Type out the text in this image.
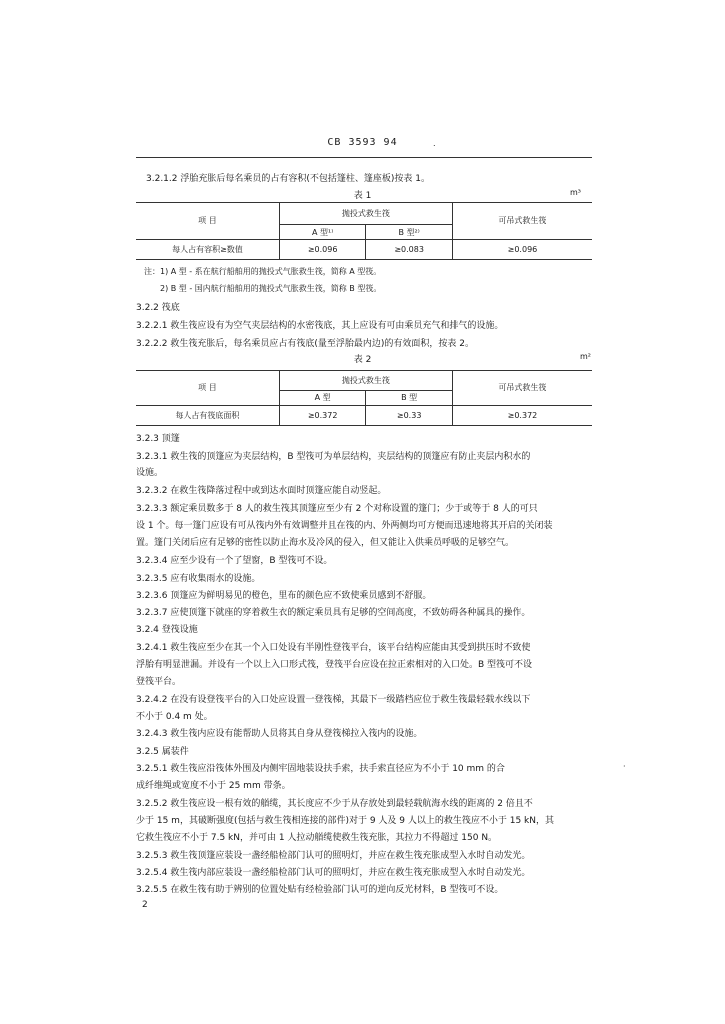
CB 3593 94	.
3.2.1.2 浮胎充胀后每名乘员的占有容积(不包括篷柱、篷座板)按表 1。
表 1	m³
项 目	抛投式救生筏		可吊式救生筏
	A 型¹⁾	B 型²⁾	
每人占有容积≥数值	≥0.096	≥0.083	≥0.096
注：1) A 型 - 系在航行船舶用的抛投式气胀救生筏，简称 A 型筏。
2) B 型 - 国内航行船舶用的抛投式气胀救生筏，简称 B 型筏。
3.2.2 筏底
3.2.2.1 救生筏应设有为空气夹层结构的水密筏底，其上应设有可由乘员充气和排气的设施。
3.2.2.2 救生筏充胀后，每名乘员应占有筏底(量至浮胎最内边)的有效面积，按表 2。
表 2	m²
项 目	抛投式救生筏		可吊式救生筏
	A 型	B 型	
每人占有筏底面积	≥0.372	≥0.33	≥0.372
3.2.3 顶篷
3.2.3.1 救生筏的顶篷应为夹层结构，B 型筏可为单层结构，夹层结构的顶篷应有防止夹层内积水的
设施。
3.2.3.2 在救生筏降落过程中或到达水面时顶篷应能自动竖起。
3.2.3.3 额定乘员数多于 8 人的救生筏其顶篷应至少有 2 个对称设置的篷门；少于或等于 8 人的可只
设 1 个。每一篷门应设有可从筏内外有效调整并且在筏的内、外两侧均可方便而迅速地将其开启的关闭装
置。篷门关闭后应有足够的密性以防止海水及冷风的侵入，但又能让入供乘员呼吸的足够空气。
3.2.3.4 应至少设有一个了望窗，B 型筏可不设。
3.2.3.5 应有收集雨水的设施。
3.2.3.6 顶篷应为鲜明易见的橙色，里布的颜色应不致使乘员感到不舒服。
3.2.3.7 应使顶篷下就座的穿着救生衣的额定乘员具有足够的空间高度，不致妨碍各种属具的操作。
3.2.4 登筏设施
3.2.4.1 救生筏应至少在其一个入口处设有半刚性登筏平台，该平台结构应能由其受到拱压时不致使
浮胎有明显泄漏。并设有一个以上入口形式筏，登筏平台应设在拉正索相对的入口处。B 型筏可不设
登筏平台。
3.2.4.2 在没有设登筏平台的入口处应设置一登筏梯，其最下一级踏档应位于救生筏最轻载水线以下
不小于 0.4 m 处。
3.2.4.3 救生筏内应设有能帮助人员将其自身从登筏梯拉入筏内的设施。
3.2.5 属装件
3.2.5.1 救生筏应沿筏体外围及内侧牢固地装设扶手索，扶手索直径应为不小于 10 mm 的合
成纤维绳或宽度不小于 25 mm 带条。
3.2.5.2 救生筏应设一根有效的艏缆，其长度应不少于从存放处到最轻载航海水线的距离的 2 倍且不
少于 15 m，其破断强度(包括与救生筏相连接的部件)对于 9 人及 9 人以上的救生筏应不小于 15 kN，其
它救生筏应不小于 7.5 kN，并可由 1 人拉动艏缆使救生筏充胀，其拉力不得超过 150 N。
3.2.5.3 救生筏顶篷应装设一盏经船检部门认可的照明灯，并应在救生筏充胀成型入水时自动发光。
3.2.5.4 救生筏内部应装设一盏经船检部门认可的照明灯，并应在救生筏充胀成型入水时自动发光。
3.2.5.5 在救生筏有助于辨别的位置处贴有经检验部门认可的逆向反光材料，B 型筏可不设。
·
2
